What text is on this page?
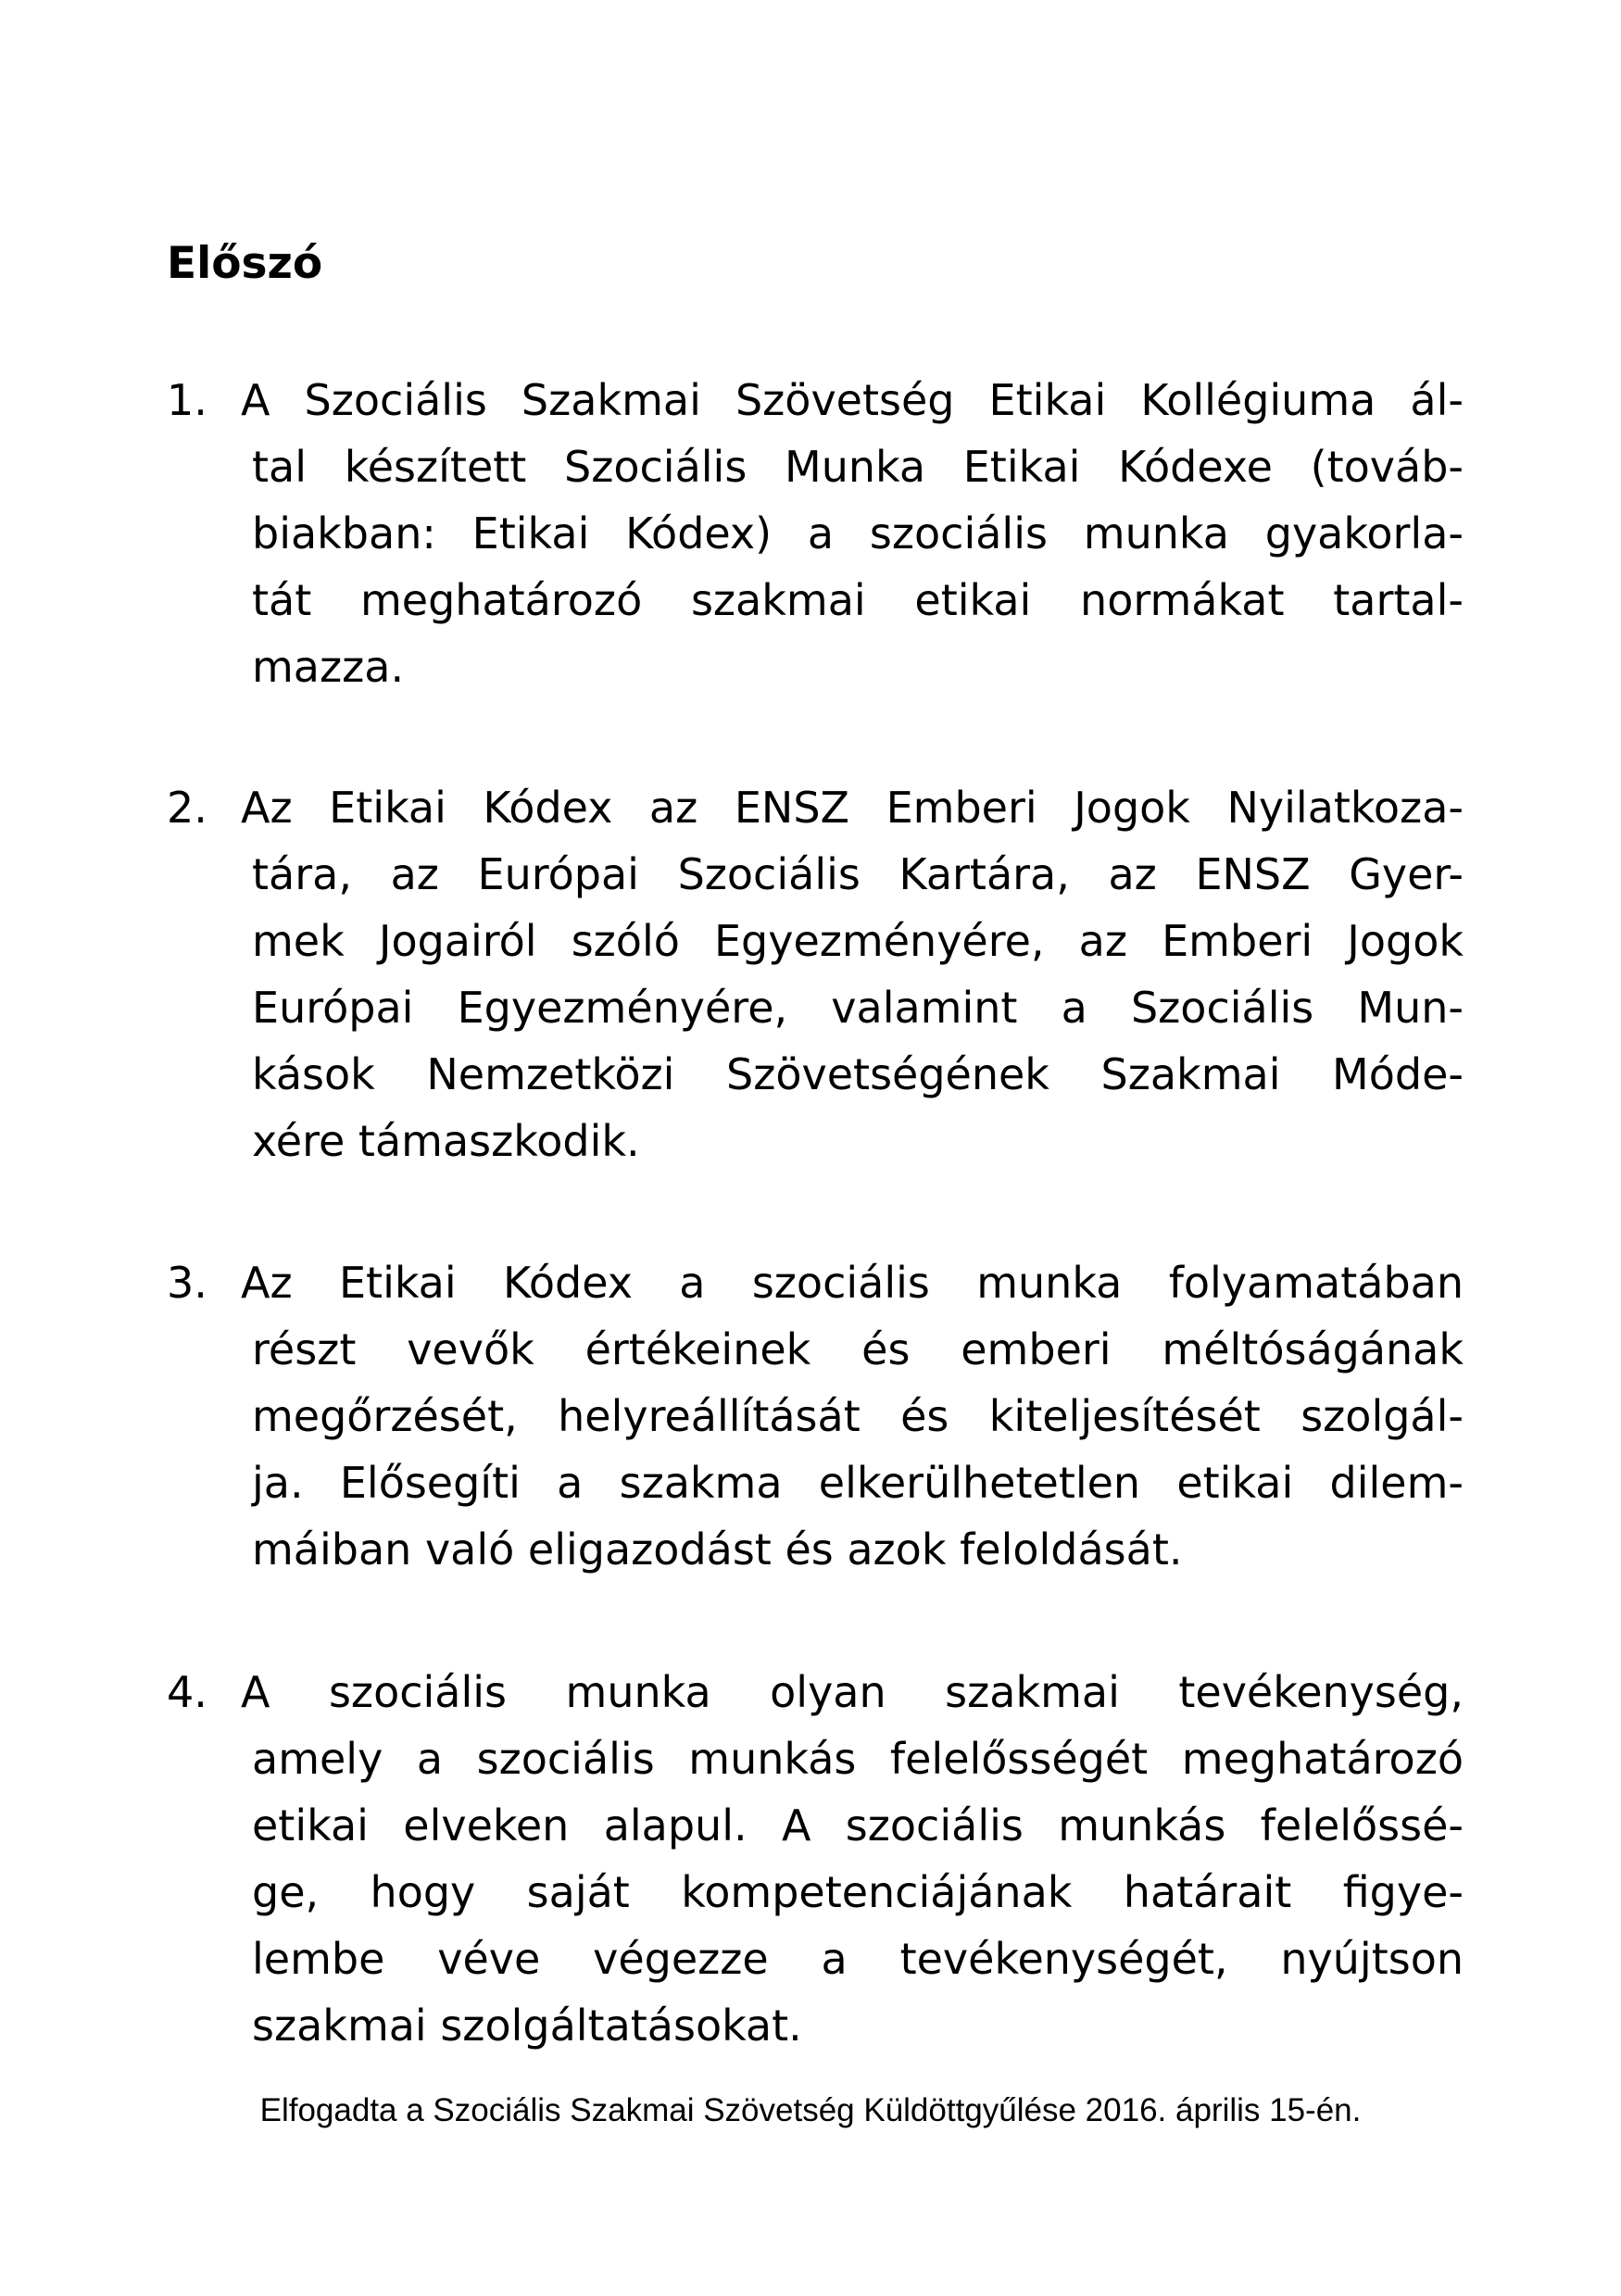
Előszó
1. A Szociális Szakmai Szövetség Etikai Kollégiuma ál-
tal készített Szociális Munka Etikai Kódexe (továb-
biakban: Etikai Kódex) a szociális munka gyakorla-
tát meghatározó szakmai etikai normákat tartal-
mazza.
2. Az Etikai Kódex az ENSZ Emberi Jogok Nyilatkoza-
tára, az Európai Szociális Kartára, az ENSZ Gyer-
mek Jogairól szóló Egyezményére, az Emberi Jogok
Európai Egyezményére, valamint a Szociális Mun-
kások Nemzetközi Szövetségének Szakmai Móde-
xére támaszkodik.
3. Az Etikai Kódex a szociális munka folyamatában
részt vevők értékeinek és emberi méltóságának
megőrzését, helyreállítását és kiteljesítését szolgál-
ja. Elősegíti a szakma elkerülhetetlen etikai dilem-
máiban való eligazodást és azok feloldását.
4. A szociális munka olyan szakmai tevékenység,
amely a szociális munkás felelősségét meghatározó
etikai elveken alapul. A szociális munkás felelőssé-
ge, hogy saját kompetenciájának határait figye-
lembe véve végezze a tevékenységét, nyújtson
szakmai szolgáltatásokat.

Elfogadta a Szociális Szakmai Szövetség Küldöttgyűlése 2016. április 15-én.
